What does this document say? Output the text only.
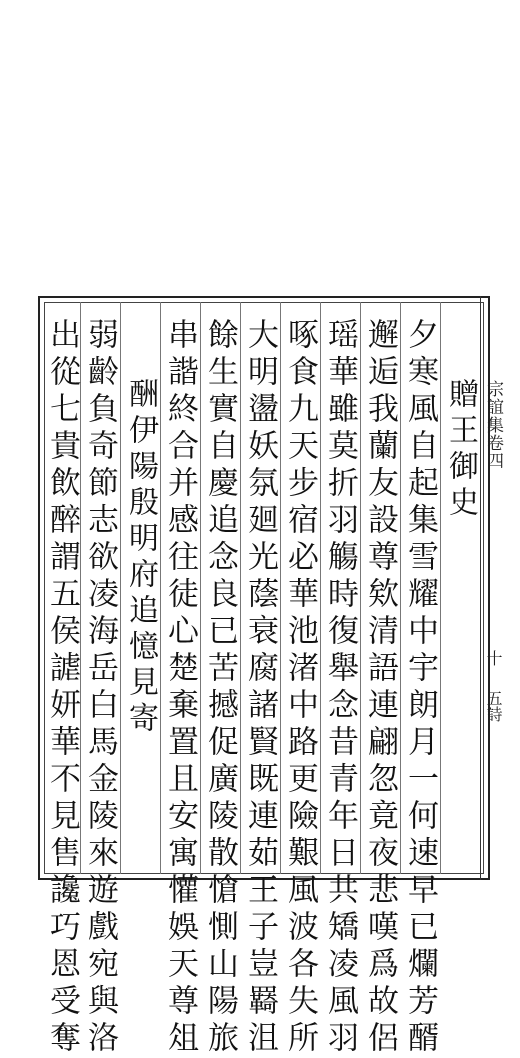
宗誼集卷四
十
五詩
贈王御史
夕寒風自起集雪耀中宇朗月一何速早已爛芳醑
邂逅我蘭友設尊欸清語連翩忽竟夜悲嘆爲故侶
瑶華雖莫折羽觴時復舉念昔青年日共矯凌風羽
啄食九天步宿必華池渚中路更險艱風波各失所
大明盪妖氛廻光蔭衰腐諸賢既連茹王子豈羇沮
餘生實自慶追念良已苦撼促廣陵散愴惻山陽旅
串諧終合并感往徒心楚棄置且安寓懽娛天尊俎
酬伊陽殷明府追憶見寄
弱齡負奇節志欲凌海岳白馬金陵來遊戲宛與洛
出從七貴飲醉謂五侯謔妍華不見售讒巧恩受奪
